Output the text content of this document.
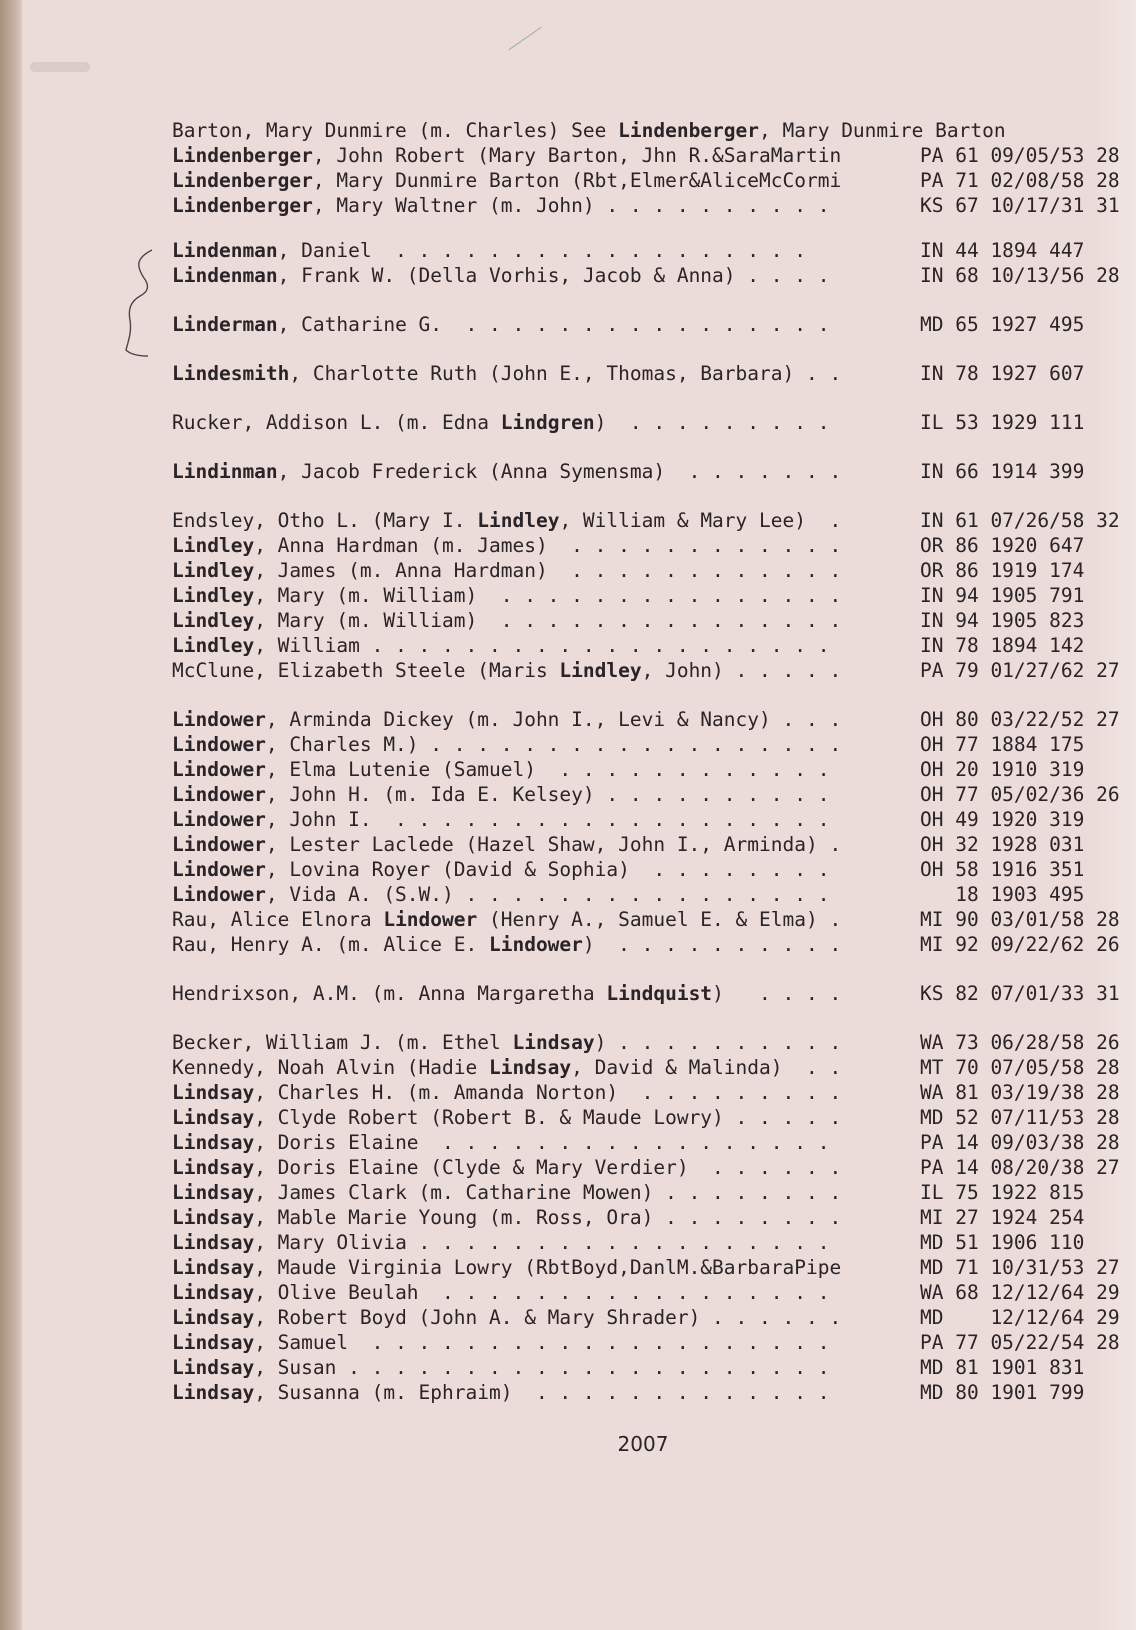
Barton, Mary Dunmire (m. Charles) See Lindenberger, Mary Dunmire Barton
Lindenberger, John Robert (Mary Barton, Jhn R.&SaraMartin	PA 61 09/05/53 28
Lindenberger, Mary Dunmire Barton (Rbt,Elmer&AliceMcCormi	PA 71 02/08/58 28
Lindenberger, Mary Waltner (m. John) . . . . . . . . . .	KS 67 10/17/31 31
Lindenman, Daniel  . . . . . . . . . . . . . . . . . .	IN 44 1894 447
Lindenman, Frank W. (Della Vorhis, Jacob & Anna) . . . .	IN 68 10/13/56 28
Linderman, Catharine G.  . . . . . . . . . . . . . . . .	MD 65 1927 495
Lindesmith, Charlotte Ruth (John E., Thomas, Barbara) . .	IN 78 1927 607
Rucker, Addison L. (m. Edna Lindgren)  . . . . . . . . .	IL 53 1929 111
Lindinman, Jacob Frederick (Anna Symensma)  . . . . . . .	IN 66 1914 399
Endsley, Otho L. (Mary I. Lindley, William & Mary Lee)  .	IN 61 07/26/58 32
Lindley, Anna Hardman (m. James)  . . . . . . . . . . . .	OR 86 1920 647
Lindley, James (m. Anna Hardman)  . . . . . . . . . . . .	OR 86 1919 174
Lindley, Mary (m. William)  . . . . . . . . . . . . . . .	IN 94 1905 791
Lindley, Mary (m. William)  . . . . . . . . . . . . . . .	IN 94 1905 823
Lindley, William . . . . . . . . . . . . . . . . . . . .	IN 78 1894 142
McClune, Elizabeth Steele (Maris Lindley, John) . . . . .	PA 79 01/27/62 27
Lindower, Arminda Dickey (m. John I., Levi & Nancy) . . .	OH 80 03/22/52 27
Lindower, Charles M.) . . . . . . . . . . . . . . . . . .	OH 77 1884 175
Lindower, Elma Lutenie (Samuel)  . . . . . . . . . . . .	OH 20 1910 319
Lindower, John H. (m. Ida E. Kelsey) . . . . . . . . . .	OH 77 05/02/36 26
Lindower, John I.  . . . . . . . . . . . . . . . . . . .	OH 49 1920 319
Lindower, Lester Laclede (Hazel Shaw, John I., Arminda) .	OH 32 1928 031
Lindower, Lovina Royer (David & Sophia)  . . . . . . . .	OH 58 1916 351
Lindower, Vida A. (S.W.) . . . . . . . . . . . . . . . .	18 1903 495
Rau, Alice Elnora Lindower (Henry A., Samuel E. & Elma) .	MI 90 03/01/58 28
Rau, Henry A. (m. Alice E. Lindower)  . . . . . . . . . .	MI 92 09/22/62 26
Hendrixson, A.M. (m. Anna Margaretha Lindquist)   . . . .	KS 82 07/01/33 31
Becker, William J. (m. Ethel Lindsay) . . . . . . . . . .	WA 73 06/28/58 26
Kennedy, Noah Alvin (Hadie Lindsay, David & Malinda)  . .	MT 70 07/05/58 28
Lindsay, Charles H. (m. Amanda Norton)  . . . . . . . . .	WA 81 03/19/38 28
Lindsay, Clyde Robert (Robert B. & Maude Lowry) . . . . .	MD 52 07/11/53 28
Lindsay, Doris Elaine  . . . . . . . . . . . . . . . . .	PA 14 09/03/38 28
Lindsay, Doris Elaine (Clyde & Mary Verdier)  . . . . . .	PA 14 08/20/38 27
Lindsay, James Clark (m. Catharine Mowen) . . . . . . . .	IL 75 1922 815
Lindsay, Mable Marie Young (m. Ross, Ora) . . . . . . . .	MI 27 1924 254
Lindsay, Mary Olivia . . . . . . . . . . . . . . . . . .	MD 51 1906 110
Lindsay, Maude Virginia Lowry (RbtBoyd,DanlM.&BarbaraPipe	MD 71 10/31/53 27
Lindsay, Olive Beulah  . . . . . . . . . . . . . . . . .	WA 68 12/12/64 29
Lindsay, Robert Boyd (John A. & Mary Shrader) . . . . . .	MD    12/12/64 29
Lindsay, Samuel  . . . . . . . . . . . . . . . . . . . .	PA 77 05/22/54 28
Lindsay, Susan . . . . . . . . . . . . . . . . . . . . .	MD 81 1901 831
Lindsay, Susanna (m. Ephraim)  . . . . . . . . . . . . .	MD 80 1901 799
2007
